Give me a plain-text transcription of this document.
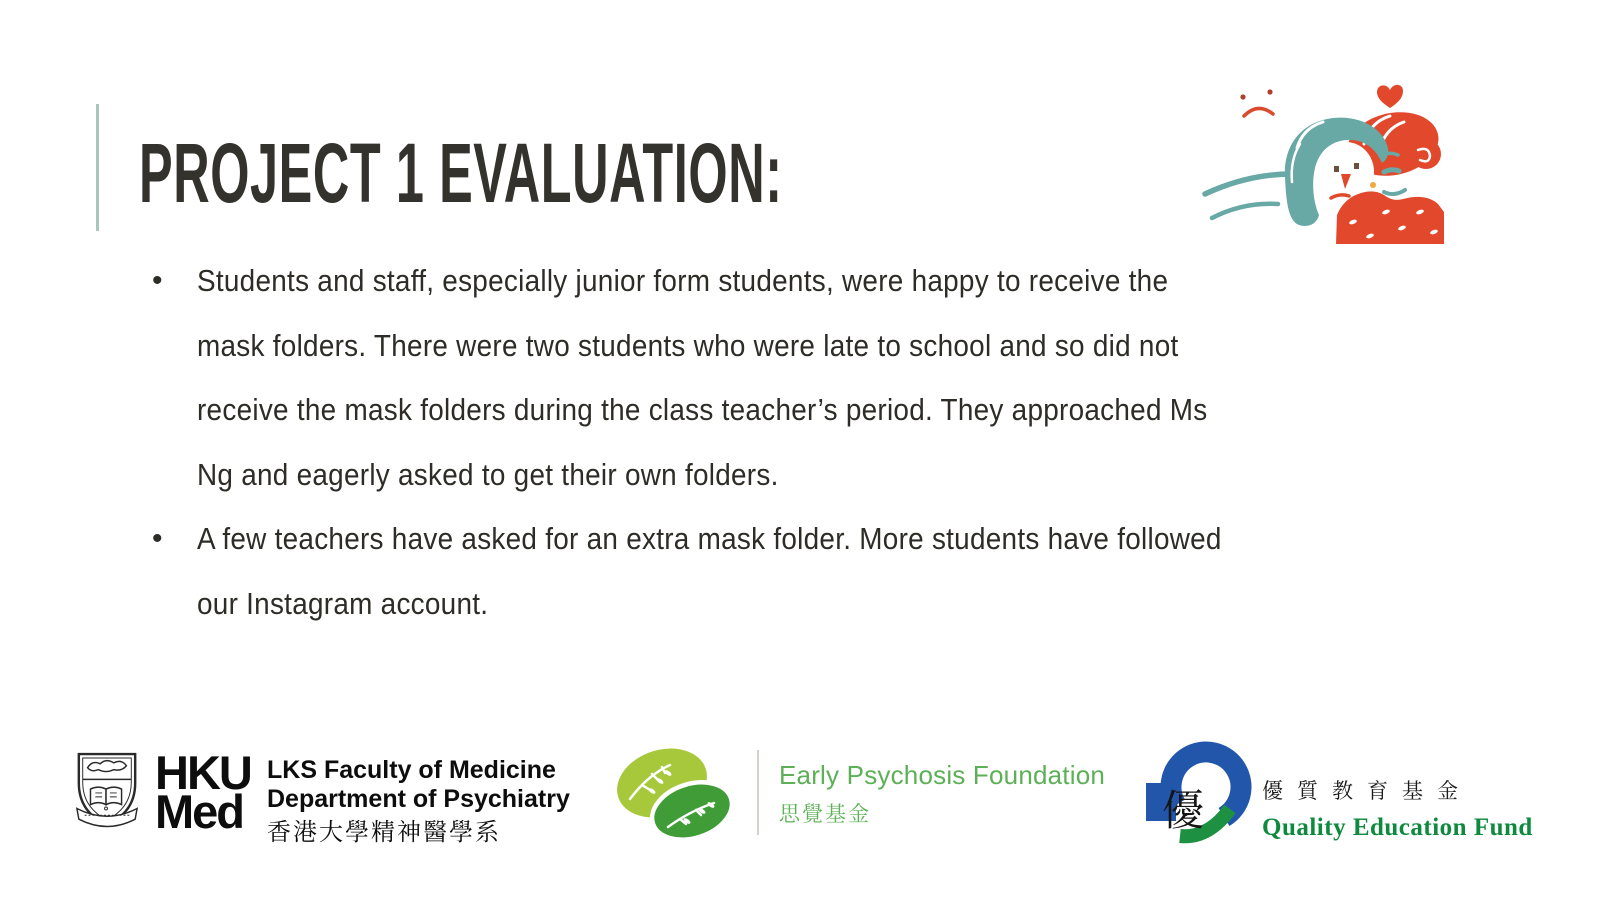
PROJECT 1 EVALUATION:
•	Students and staff, especially junior form students, were happy to receive the
mask folders. There were two students who were late to school and so did not
receive the mask folders during the class teacher’s period. They approached Ms
Ng and eagerly asked to get their own folders.
•	A few teachers have asked for an extra mask folder. More students have followed
our Instagram account.
HKU
Med
LKS Faculty of Medicine
Department of Psychiatry
香港大學精神醫學系
Early Psychosis Foundation
思覺基金	優	優質教育基金
Quality Education Fund
